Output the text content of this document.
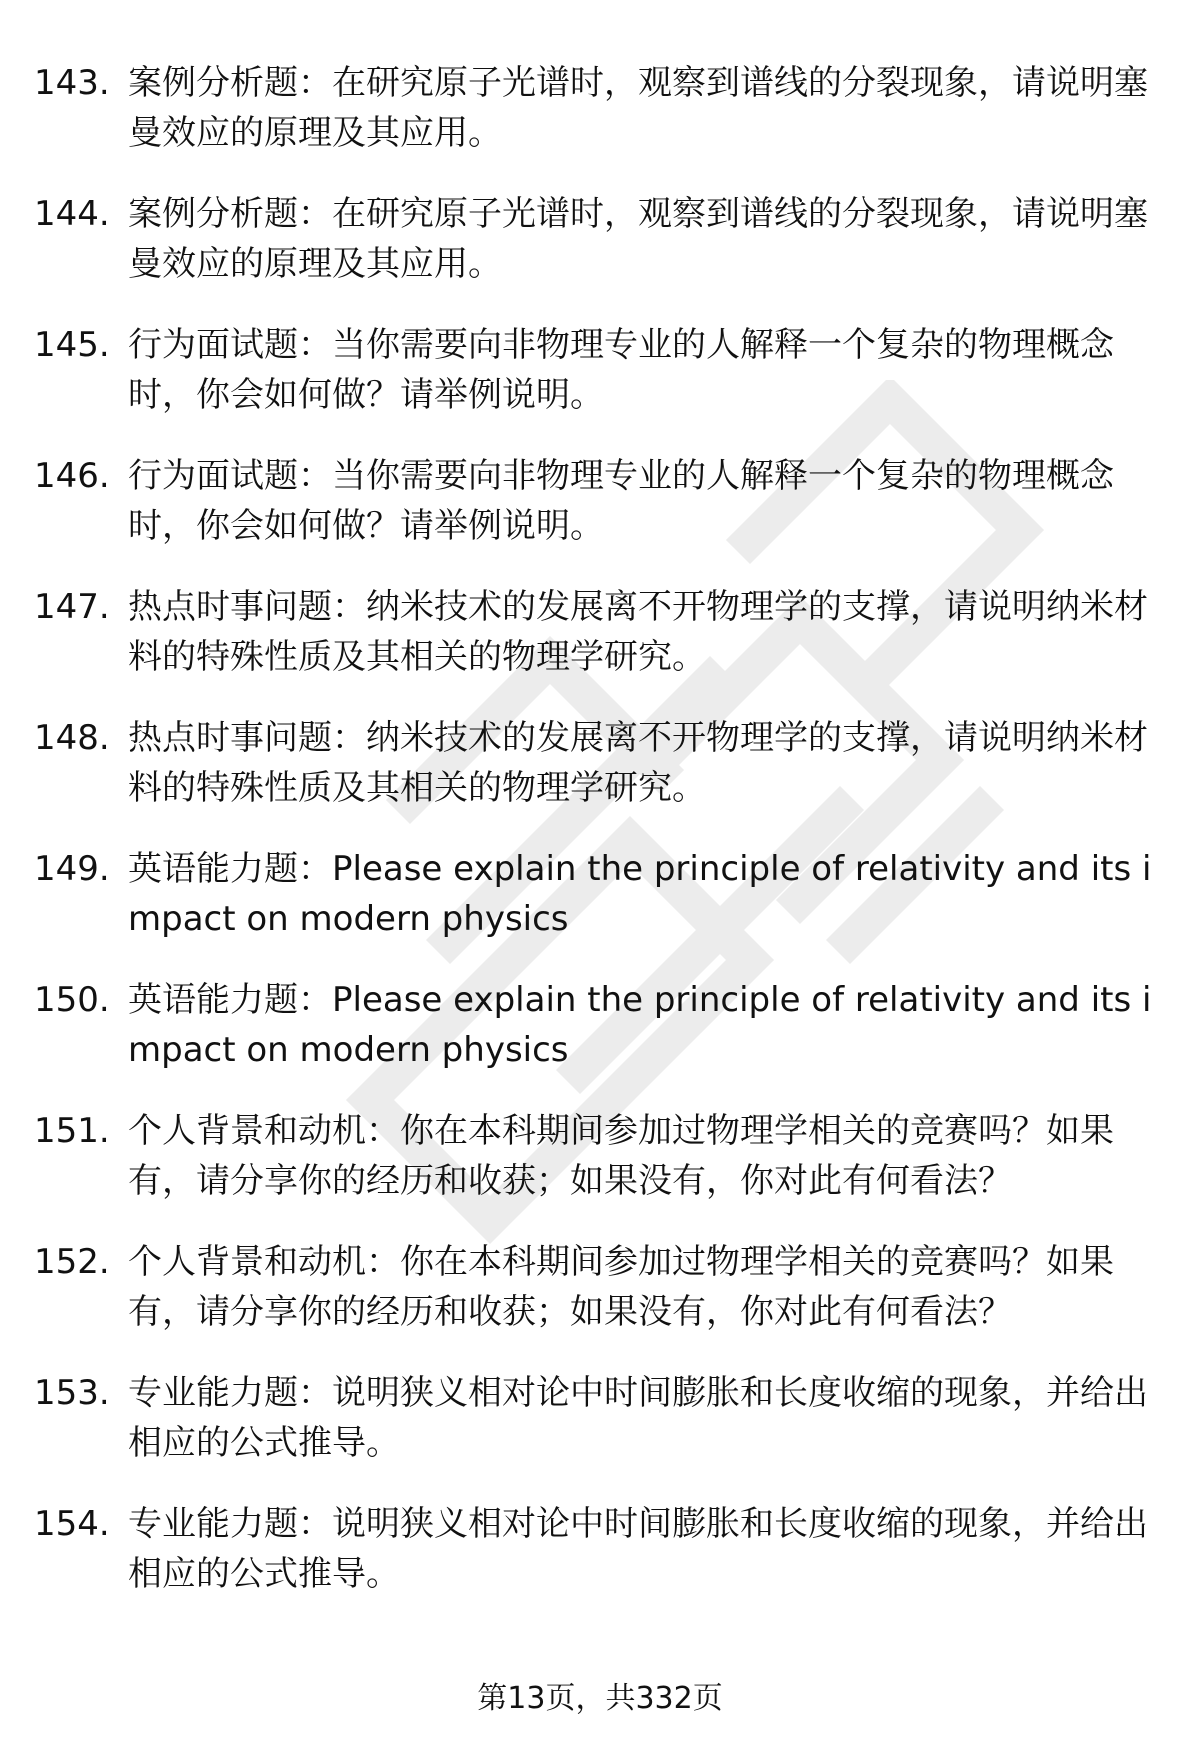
143. 案例分析题：在研究原子光谱时，观察到谱线的分裂现象，请说明塞曼效应的原理及其应用。
144. 案例分析题：在研究原子光谱时，观察到谱线的分裂现象，请说明塞曼效应的原理及其应用。
145. 行为面试题：当你需要向非物理专业的人解释一个复杂的物理概念时，你会如何做？请举例说明。
146. 行为面试题：当你需要向非物理专业的人解释一个复杂的物理概念时，你会如何做？请举例说明。
147. 热点时事问题：纳米技术的发展离不开物理学的支撑，请说明纳米材料的特殊性质及其相关的物理学研究。
148. 热点时事问题：纳米技术的发展离不开物理学的支撑，请说明纳米材料的特殊性质及其相关的物理学研究。
149. 英语能力题：Please explain the principle of relativity and its impact on modern physics
150. 英语能力题：Please explain the principle of relativity and its impact on modern physics
151. 个人背景和动机：你在本科期间参加过物理学相关的竞赛吗？如果有，请分享你的经历和收获；如果没有，你对此有何看法？
152. 个人背景和动机：你在本科期间参加过物理学相关的竞赛吗？如果有，请分享你的经历和收获；如果没有，你对此有何看法？
153. 专业能力题：说明狭义相对论中时间膨胀和长度收缩的现象，并给出相应的公式推导。
154. 专业能力题：说明狭义相对论中时间膨胀和长度收缩的现象，并给出相应的公式推导。
第13页，共332页
